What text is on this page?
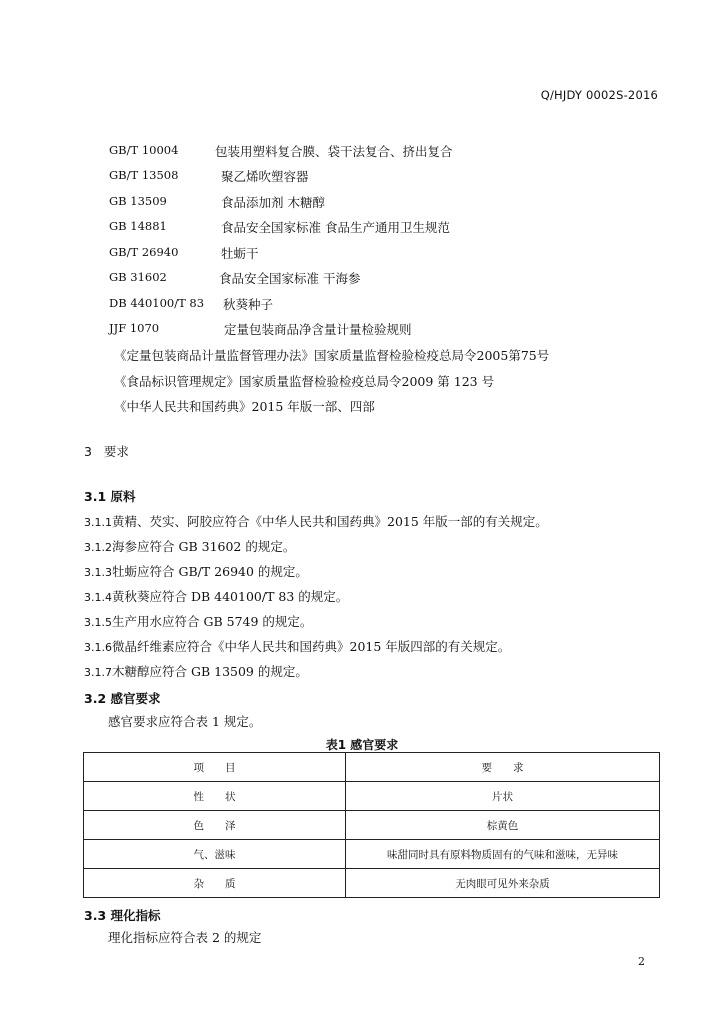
Q/HJDY 0002S-2016
GB/T 10004	包装用塑料复合膜、袋干法复合、挤出复合
GB/T 13508	聚乙烯吹塑容器
GB 13509	食品添加剂 木糖醇
GB 14881	食品安全国家标准 食品生产通用卫生规范
GB/T 26940	牡蛎干
GB 31602	食品安全国家标准 干海参
DB 440100/T 83 秋葵种子
JJF 1070	定量包装商品净含量计量检验规则
《定量包装商品计量监督管理办法》国家质量监督检验检疫总局令2005第75号
《食品标识管理规定》国家质量监督检验检疫总局令2009 第 123 号
《中华人民共和国药典》2015 年版一部、四部
3 要求
3.1 原料
3.1.1黄精、芡实、阿胶应符合《中华人民共和国药典》2015 年版一部的有关规定。
3.1.2海参应符合 GB 31602 的规定。
3.1.3牡蛎应符合 GB/T 26940 的规定。
3.1.4黄秋葵应符合 DB 440100/T 83 的规定。
3.1.5生产用水应符合 GB 5749 的规定。
3.1.6微晶纤维素应符合《中华人民共和国药典》2015 年版四部的有关规定。
3.1.7木糖醇应符合 GB 13509 的规定。
3.2 感官要求
感官要求应符合表 1 规定。
表1 感官要求
项　　目	要　　求
性　　状	片状
色　　泽	棕黄色
气、滋味	味甜同时具有原料物质固有的气味和滋味，无异味
杂　　质	无肉眼可见外来杂质
3.3 理化指标
理化指标应符合表 2 的规定
2
